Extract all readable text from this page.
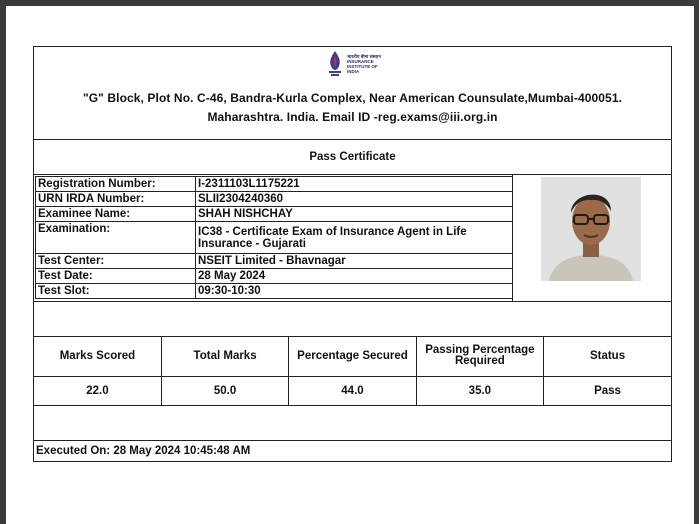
भारतीय बीमा संस्थान
INSURANCE
INSTITUTE OF
INDIA
"G" Block, Plot No. C-46, Bandra-Kurla Complex, Near American Counsulate,Mumbai-400051.
Maharashtra. India. Email ID -reg.exams@iii.org.in
Pass Certificate
Registration Number:	I-2311103L1175221
URN IRDA Number:	SLII2304240360
Examinee Name:	SHAH NISHCHAY
Examination:	IC38 - Certificate Exam of Insurance Agent in Life Insurance - Gujarati
Test Center:	NSEIT Limited - Bhavnagar
Test Date:	28 May 2024
Test Slot:	09:30-10:30
Marks Scored	Total Marks	Percentage Secured	Passing Percentage Required	Status
22.0	50.0	44.0	35.0	Pass
Executed On: 28 May 2024 10:45:48 AM
